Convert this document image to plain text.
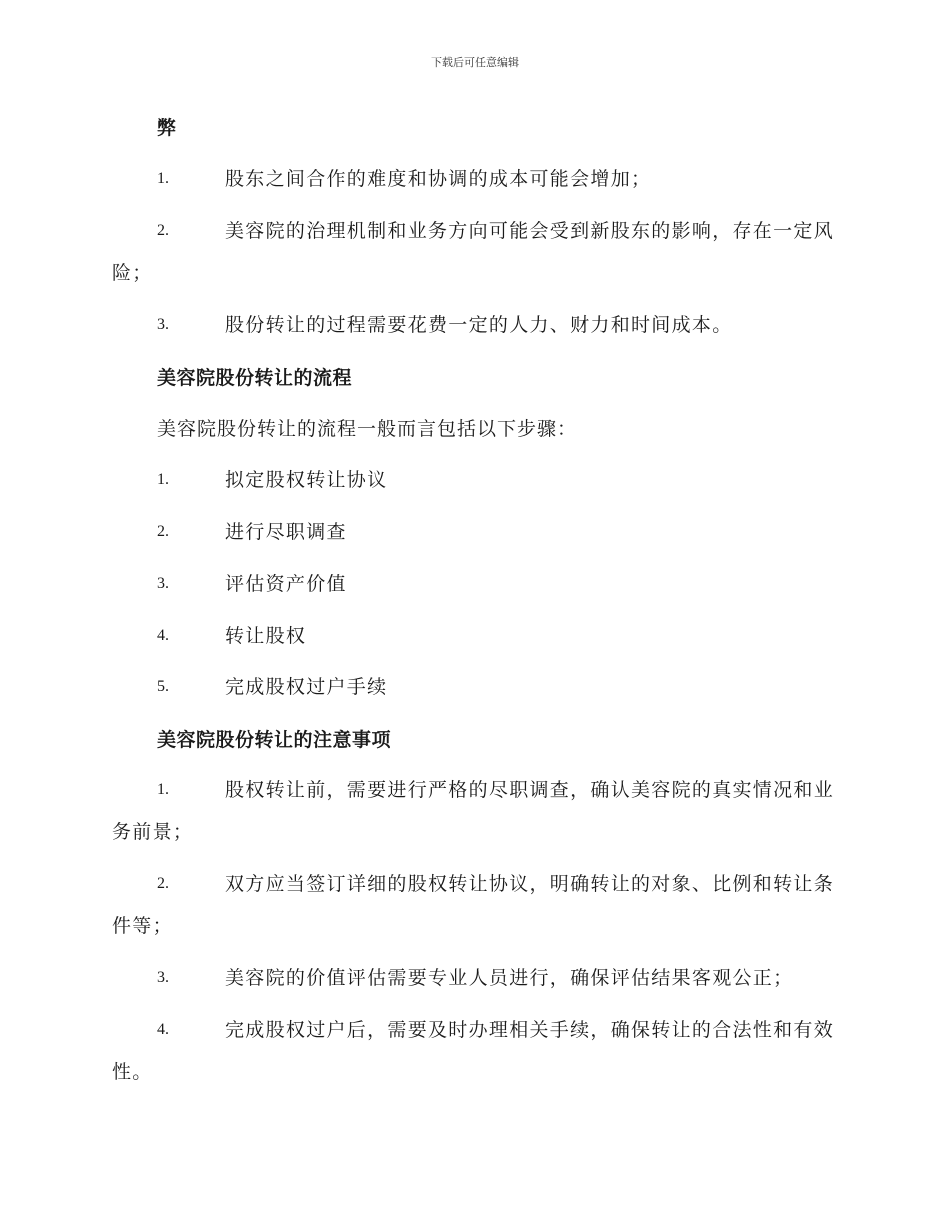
下载后可任意编辑
弊
1.	股东之间合作的难度和协调的成本可能会增加；
2.	美容院的治理机制和业务方向可能会受到新股东的影响，存在一定风险；
3.	股份转让的过程需要花费一定的人力、财力和时间成本。
美容院股份转让的流程
美容院股份转让的流程一般而言包括以下步骤：
1.	拟定股权转让协议
2.	进行尽职调查
3.	评估资产价值
4.	转让股权
5.	完成股权过户手续
美容院股份转让的注意事项
1.	股权转让前，需要进行严格的尽职调查，确认美容院的真实情况和业务前景；
2.	双方应当签订详细的股权转让协议，明确转让的对象、比例和转让条件等；
3.	美容院的价值评估需要专业人员进行，确保评估结果客观公正；
4.	完成股权过户后，需要及时办理相关手续，确保转让的合法性和有效性。
